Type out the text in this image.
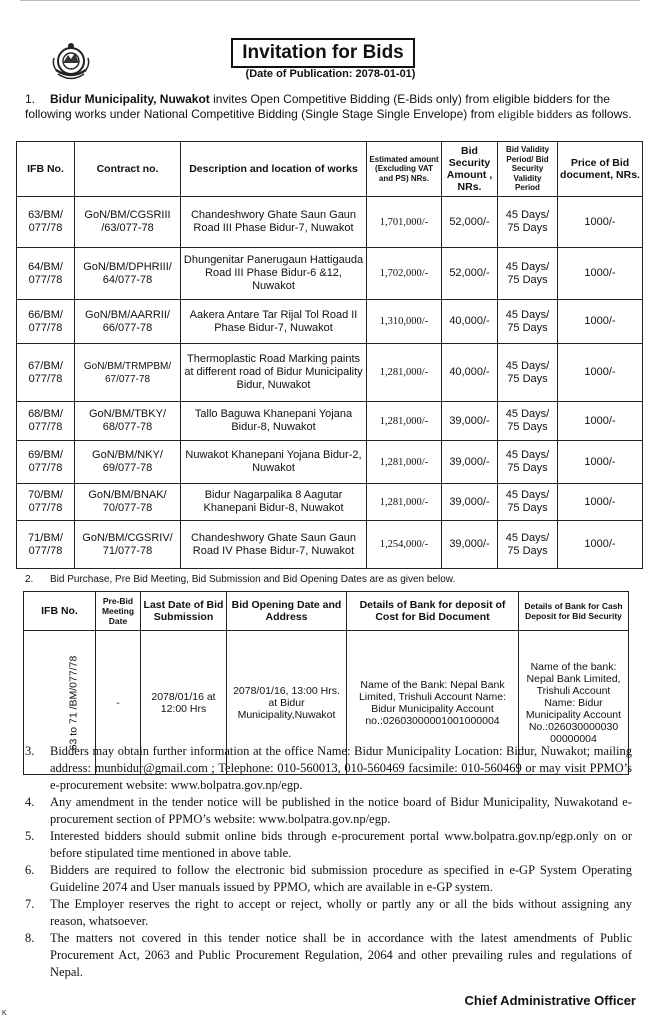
Invitation for Bids
(Date of Publication: 2078-01-01)
1. Bidur Municipality, Nuwakot invites Open Competitive Bidding (E-Bids only) from eligible bidders for the following works under National Competitive Bidding (Single Stage Single Envelope) from eligible bidders as follows.
IFB No.	Contract no.	Description and location of works	Estimated amount (Excluding VAT and PS) NRs.	Bid Security Amount , NRs.	Bid Validity Period/ Bid Security Validity Period	Price of Bid document, NRs.
63/BM/ 077/78	GoN/BM/CGSRIII /63/077-78	Chandeshwory Ghate Saun Gaun Road III Phase Bidur-7, Nuwakot	1,701,000/-	52,000/-	45 Days/ 75 Days	1000/-
64/BM/ 077/78	GoN/BM/DPHRIII/ 64/077-78	Dhungenitar Panerugaun Hattigauda Road III Phase Bidur-6 &12, Nuwakot	1,702,000/-	52,000/-	45 Days/ 75 Days	1000/-
66/BM/ 077/78	GoN/BM/AARRII/ 66/077-78	Aakera Antare Tar Rijal Tol Road II Phase Bidur-7, Nuwakot	1,310,000/-	40,000/-	45 Days/ 75 Days	1000/-
67/BM/ 077/78	GoN/BM/TRMPBM/ 67/077-78	Thermoplastic Road Marking paints at different road of Bidur Municipality Bidur, Nuwakot	1,281,000/-	40,000/-	45 Days/ 75 Days	1000/-
68/BM/ 077/78	GoN/BM/TBKY/ 68/077-78	Tallo Baguwa Khanepani Yojana Bidur-8, Nuwakot	1,281,000/-	39,000/-	45 Days/ 75 Days	1000/-
69/BM/ 077/78	GoN/BM/NKY/ 69/077-78	Nuwakot Khanepani Yojana Bidur-2, Nuwakot	1,281,000/-	39,000/-	45 Days/ 75 Days	1000/-
70/BM/ 077/78	GoN/BM/BNAK/ 70/077-78	Bidur Nagarpalika 8 Aagutar Khanepani Bidur-8, Nuwakot	1,281,000/-	39,000/-	45 Days/ 75 Days	1000/-
71/BM/ 077/78	GoN/BM/CGSRIV/ 71/077-78	Chandeshwory Ghate Saun Gaun Road IV Phase Bidur-7, Nuwakot	1,254,000/-	39,000/-	45 Days/ 75 Days	1000/-
2. Bid Purchase, Pre Bid Meeting, Bid Submission and Bid Opening Dates are as given below.
IFB No.	Pre-Bid Meeting Date	Last Date of Bid Submission	Bid Opening Date and Address	Details of Bank for deposit of Cost for Bid Document	Details of Bank for Cash Deposit for Bid Security
63 to 71 /BM/077/78	-	2078/01/16 at 12:00 Hrs	2078/01/16, 13:00 Hrs. at Bidur Municipality,Nuwakot	Name of the Bank: Nepal Bank Limited, Trishuli Account Name: Bidur Municipality Account no.:02603000001001000004	Name of the bank: Nepal Bank Limited, Trishuli Account Name: Bidur Municipality Account No.:026030000030 00000004
3.	Bidders may obtain further information at the office Name: Bidur Municipality Location: Bidur, Nuwakot; mailing address: munbidur@gmail.com ; Telephone: 010-560013, 010-560469 facsimile: 010-560469 or may visit PPMO’s e-procurement website: www.bolpatra.gov.np/egp.
4.	Any amendment in the tender notice will be published in the notice board of Bidur Municipality, Nuwakotand e-procurement section of PPMO’s website: www.bolpatra.gov.np/egp.
5.	Interested bidders should submit online bids through e-procurement portal www.bolpatra.gov.np/egp.only on or before stipulated time mentioned in above table.
6.	Bidders are required to follow the electronic bid submission procedure as specified in e-GP System Operating Guideline 2074 and User manuals issued by PPMO, which are available in e-GP system.
7.	The Employer reserves the right to accept or reject, wholly or partly any or all the bids without assigning any reason, whatsoever.
8.	The matters not covered in this tender notice shall be in accordance with the latest amendments of Public Procurement Act, 2063 and Public Procurement Regulation, 2064 and other prevailing rules and regulations of Nepal.
Chief Administrative Officer
K
